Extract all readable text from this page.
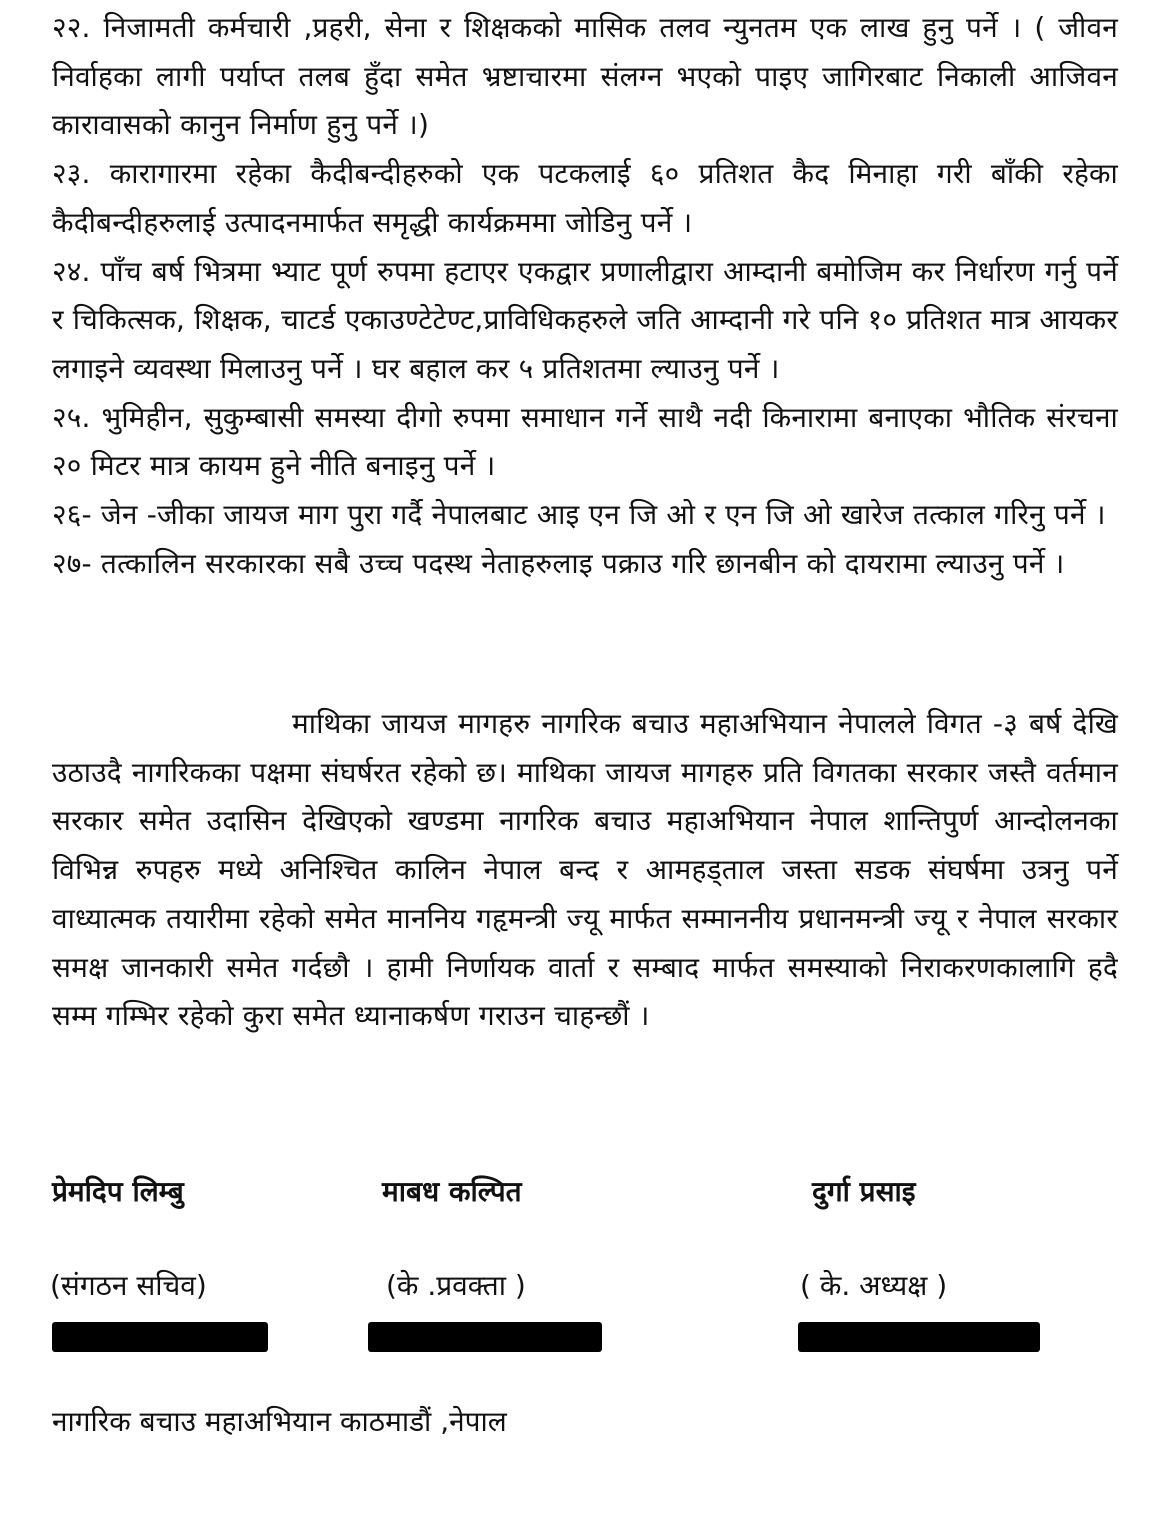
२२. निजामती कर्मचारी ,प्रहरी, सेना र शिक्षकको मासिक तलव न्युनतम एक लाख हुनु पर्ने । ( जीवन निर्वाहका लागी पर्याप्त तलब हुँदा समेत भ्रष्टाचारमा संलग्न भएको पाइए जागिरबाट निकाली आजिवन कारावासको कानुन निर्माण हुनु पर्ने ।)

२३. कारागारमा रहेका कैदीबन्दीहरुको एक पटकलाई ६० प्रतिशत कैद मिनाहा गरी बाँकी रहेका कैदीबन्दीहरुलाई उत्पादनमार्फत समृद्धी कार्यक्रममा जोडिनु पर्ने ।

२४. पाँच बर्ष भित्रमा भ्याट पूर्ण रुपमा हटाएर एकद्वार प्रणालीद्वारा आम्दानी बमोजिम कर निर्धारण गर्नु पर्ने र चिकित्सक, शिक्षक, चाटर्ड एकाउण्टेटेण्ट,प्राविधिकहरुले जति आम्दानी गरे पनि १० प्रतिशत मात्र आयकर लगाइने व्यवस्था मिलाउनु पर्ने । घर बहाल कर ५ प्रतिशतमा ल्याउनु पर्ने ।

२५. भुमिहीन, सुकुम्बासी समस्या दीगो रुपमा समाधान गर्ने साथै नदी किनारामा बनाएका भौतिक संरचना २० मिटर मात्र कायम हुने नीति बनाइनु पर्ने ।

२६- जेन -जीका जायज माग पुरा गर्दै नेपालबाट आइ एन जि ओ र एन जि ओ खारेज तत्काल गरिनु पर्ने ।

२७- तत्कालिन सरकारका सबै उच्च पदस्थ नेताहरुलाइ पक्राउ गरि छानबीन को दायरामा ल्याउनु पर्ने ।

माथिका जायज मागहरु नागरिक बचाउ महाअभियान नेपालले विगत -३ बर्ष देखि उठाउदै नागरिकका पक्षमा संघर्षरत रहेको छ। माथिका जायज मागहरु प्रति विगतका सरकार जस्तै वर्तमान सरकार समेत उदासिन देखिएको खण्डमा नागरिक बचाउ महाअभियान नेपाल शान्तिपुर्ण आन्दोलनका विभिन्न रुपहरु मध्ये अनिश्चित कालिन नेपाल बन्द र आमहड्ताल जस्ता सडक संघर्षमा उत्रनु पर्ने वाध्यात्मक तयारीमा रहेको समेत माननिय गहृमन्त्री ज्यू मार्फत सम्माननीय प्रधानमन्त्री ज्यू र नेपाल सरकार समक्ष जानकारी समेत गर्दछौ । हामी निर्णायक वार्ता र सम्बाद मार्फत समस्याको निराकरणकालागि हदै सम्म गम्भिर रहेको कुरा समेत ध्यानाकर्षण गराउन चाहन्छौं ।
प्रेमदिप लिम्बु	माबध कल्पित	दुर्गा प्रसाइ
(संगठन सचिव)	(के .प्रवक्ता )	( के. अध्यक्ष )
नागरिक बचाउ महाअभियान काठमाडौं ,नेपाल
